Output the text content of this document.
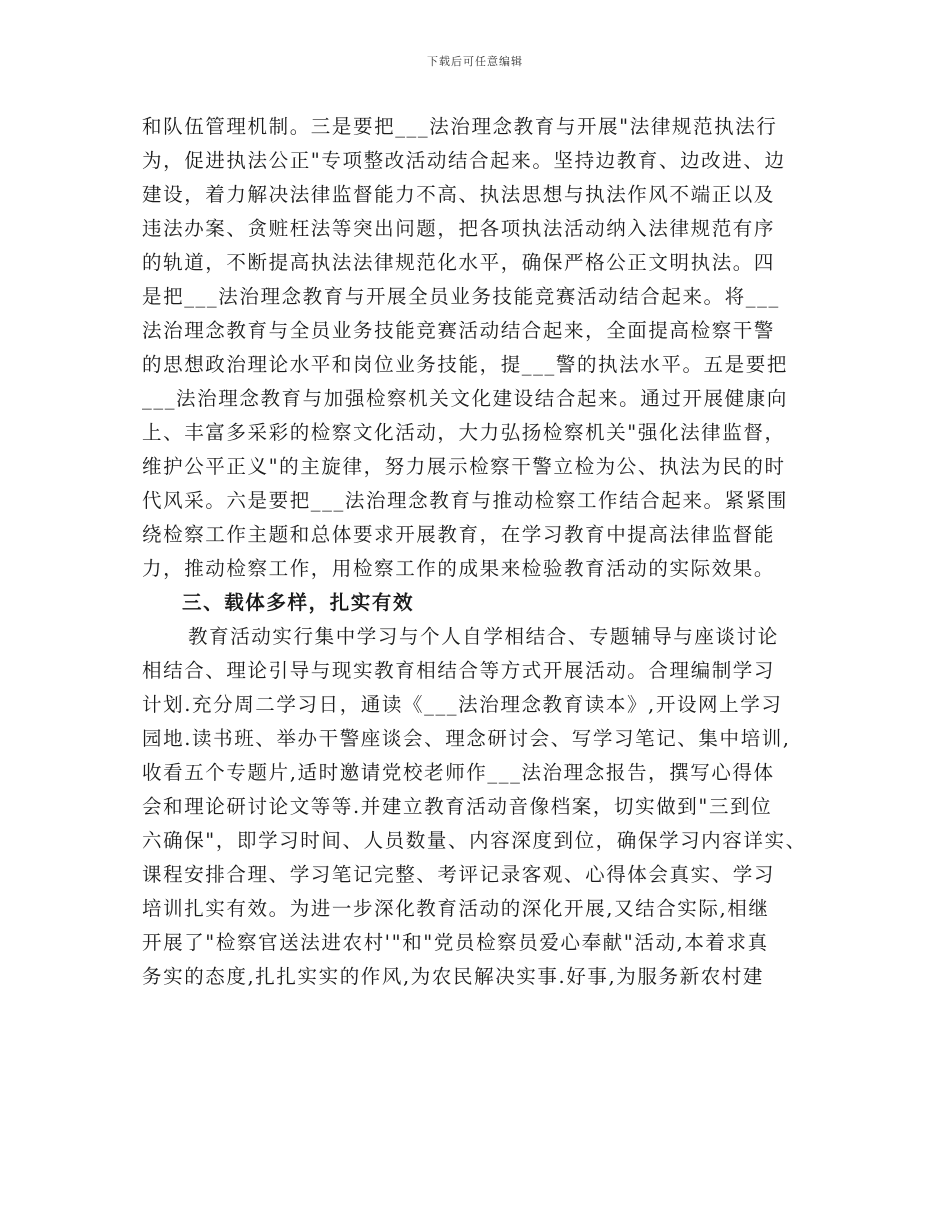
下载后可任意编辑
和队伍管理机制。三是要把___法治理念教育与开展"法律规范执法行
为，促进执法公正"专项整改活动结合起来。坚持边教育、边改进、边
建设，着力解决法律监督能力不高、执法思想与执法作风不端正以及
违法办案、贪赃枉法等突出问题，把各项执法活动纳入法律规范有序
的轨道，不断提高执法法律规范化水平，确保严格公正文明执法。四
是把___法治理念教育与开展全员业务技能竞赛活动结合起来。将___
法治理念教育与全员业务技能竞赛活动结合起来，全面提高检察干警
的思想政治理论水平和岗位业务技能，提___警的执法水平。五是要把
___法治理念教育与加强检察机关文化建设结合起来。通过开展健康向
上、丰富多采彩的检察文化活动，大力弘扬检察机关"强化法律监督，
维护公平正义"的主旋律，努力展示检察干警立检为公、执法为民的时
代风采。六是要把___法治理念教育与推动检察工作结合起来。紧紧围
绕检察工作主题和总体要求开展教育，在学习教育中提高法律监督能
力，推动检察工作，用检察工作的成果来检验教育活动的实际效果。
三、载体多样，扎实有效
教育活动实行集中学习与个人自学相结合、专题辅导与座谈讨论
相结合、理论引导与现实教育相结合等方式开展活动。合理编制学习
计划.充分周二学习日，通读《___法治理念教育读本》,开设网上学习
园地.读书班、举办干警座谈会、理念研讨会、写学习笔记、集中培训,
收看五个专题片,适时邀请党校老师作___法治理念报告，撰写心得体
会和理论研讨论文等等.并建立教育活动音像档案，切实做到"三到位
六确保"，即学习时间、人员数量、内容深度到位，确保学习内容详实、
课程安排合理、学习笔记完整、考评记录客观、心得体会真实、学习
培训扎实有效。为进一步深化教育活动的深化开展,又结合实际,相继
开展了"检察官送法进农村'"和"党员检察员爱心奉献"活动,本着求真
务实的态度,扎扎实实的作风,为农民解决实事.好事,为服务新农村建
